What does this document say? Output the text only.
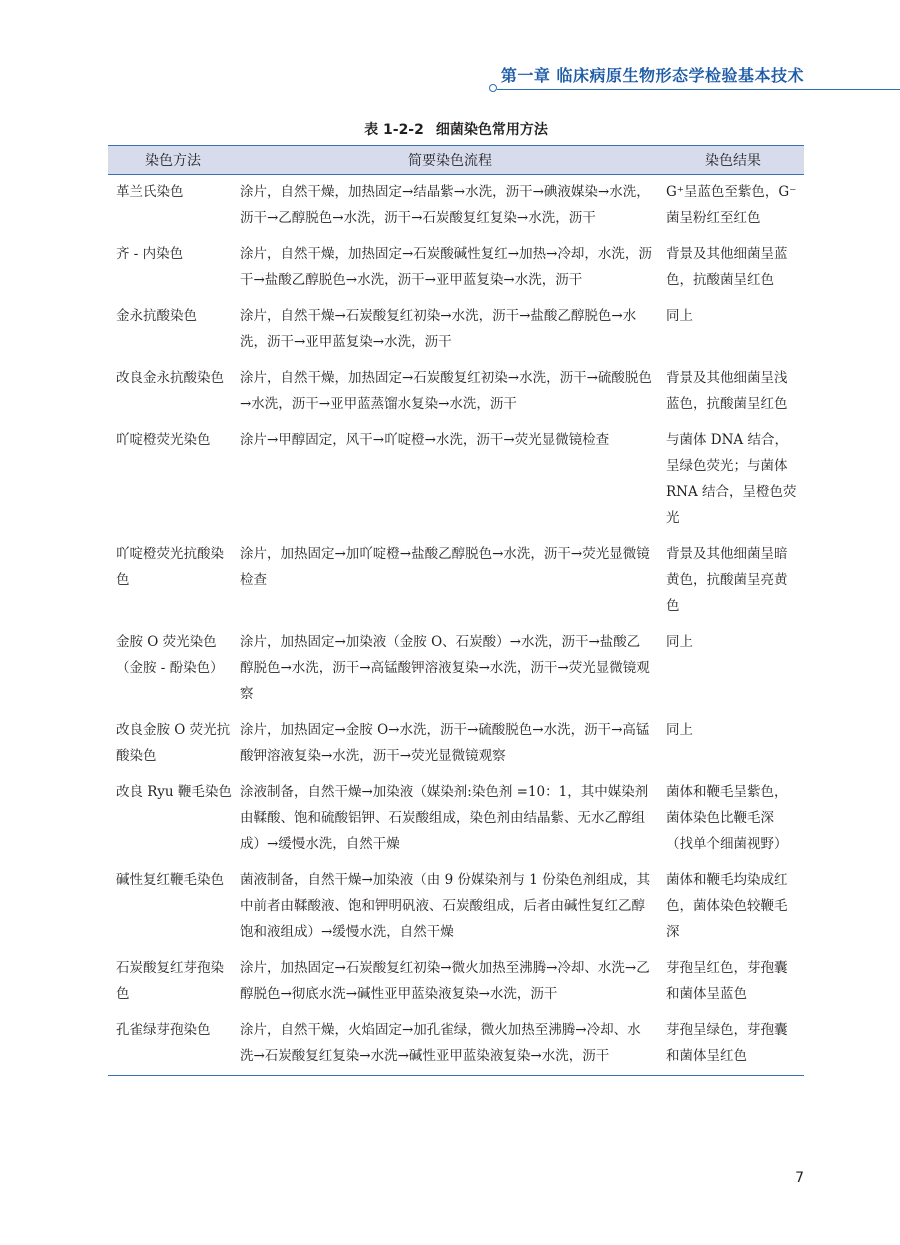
第一章 临床病原生物形态学检验基本技术
表 1-2-2 细菌染色常用方法
染色方法	简要染色流程	染色结果
革兰氏染色	涂片，自然干燥，加热固定→结晶紫→水洗，沥干→碘液媒染→水洗，沥干→乙醇脱色→水洗，沥干→石炭酸复红复染→水洗，沥干	G⁺呈蓝色至紫色，G⁻菌呈粉红至红色
齐 - 内染色	涂片，自然干燥，加热固定→石炭酸碱性复红→加热→冷却，水洗，沥干→盐酸乙醇脱色→水洗，沥干→亚甲蓝复染→水洗，沥干	背景及其他细菌呈蓝色，抗酸菌呈红色
金永抗酸染色	涂片，自然干燥→石炭酸复红初染→水洗，沥干→盐酸乙醇脱色→水洗，沥干→亚甲蓝复染→水洗，沥干	同上
改良金永抗酸染色	涂片，自然干燥，加热固定→石炭酸复红初染→水洗，沥干→硫酸脱色→水洗，沥干→亚甲蓝蒸馏水复染→水洗，沥干	背景及其他细菌呈浅蓝色，抗酸菌呈红色
吖啶橙荧光染色	涂片→甲醇固定，风干→吖啶橙→水洗，沥干→荧光显微镜检查	与菌体 DNA 结合，呈绿色荧光；与菌体 RNA 结合，呈橙色荧光
吖啶橙荧光抗酸染色	涂片，加热固定→加吖啶橙→盐酸乙醇脱色→水洗，沥干→荧光显微镜检查	背景及其他细菌呈暗黄色，抗酸菌呈亮黄色
金胺 O 荧光染色（金胺 - 酚染色）	涂片，加热固定→加染液（金胺 O、石炭酸）→水洗，沥干→盐酸乙醇脱色→水洗，沥干→高锰酸钾溶液复染→水洗，沥干→荧光显微镜观察	同上
改良金胺 O 荧光抗酸染色	涂片，加热固定→金胺 O→水洗，沥干→硫酸脱色→水洗，沥干→高锰酸钾溶液复染→水洗，沥干→荧光显微镜观察	同上
改良 Ryu 鞭毛染色	涂液制备，自然干燥→加染液（媒染剂:染色剂 =10：1，其中媒染剂由鞣酸、饱和硫酸铝钾、石炭酸组成，染色剂由结晶紫、无水乙醇组成）→缓慢水洗，自然干燥	菌体和鞭毛呈紫色，菌体染色比鞭毛深（找单个细菌视野）
碱性复红鞭毛染色	菌液制备，自然干燥→加染液（由 9 份媒染剂与 1 份染色剂组成，其中前者由鞣酸液、饱和钾明矾液、石炭酸组成，后者由碱性复红乙醇饱和液组成）→缓慢水洗，自然干燥	菌体和鞭毛均染成红色，菌体染色较鞭毛深
石炭酸复红芽孢染色	涂片，加热固定→石炭酸复红初染→微火加热至沸腾→冷却、水洗→乙醇脱色→彻底水洗→碱性亚甲蓝染液复染→水洗，沥干	芽孢呈红色，芽孢囊和菌体呈蓝色
孔雀绿芽孢染色	涂片，自然干燥，火焰固定→加孔雀绿，微火加热至沸腾→冷却、水洗→石炭酸复红复染→水洗→碱性亚甲蓝染液复染→水洗，沥干	芽孢呈绿色，芽孢囊和菌体呈红色
7
